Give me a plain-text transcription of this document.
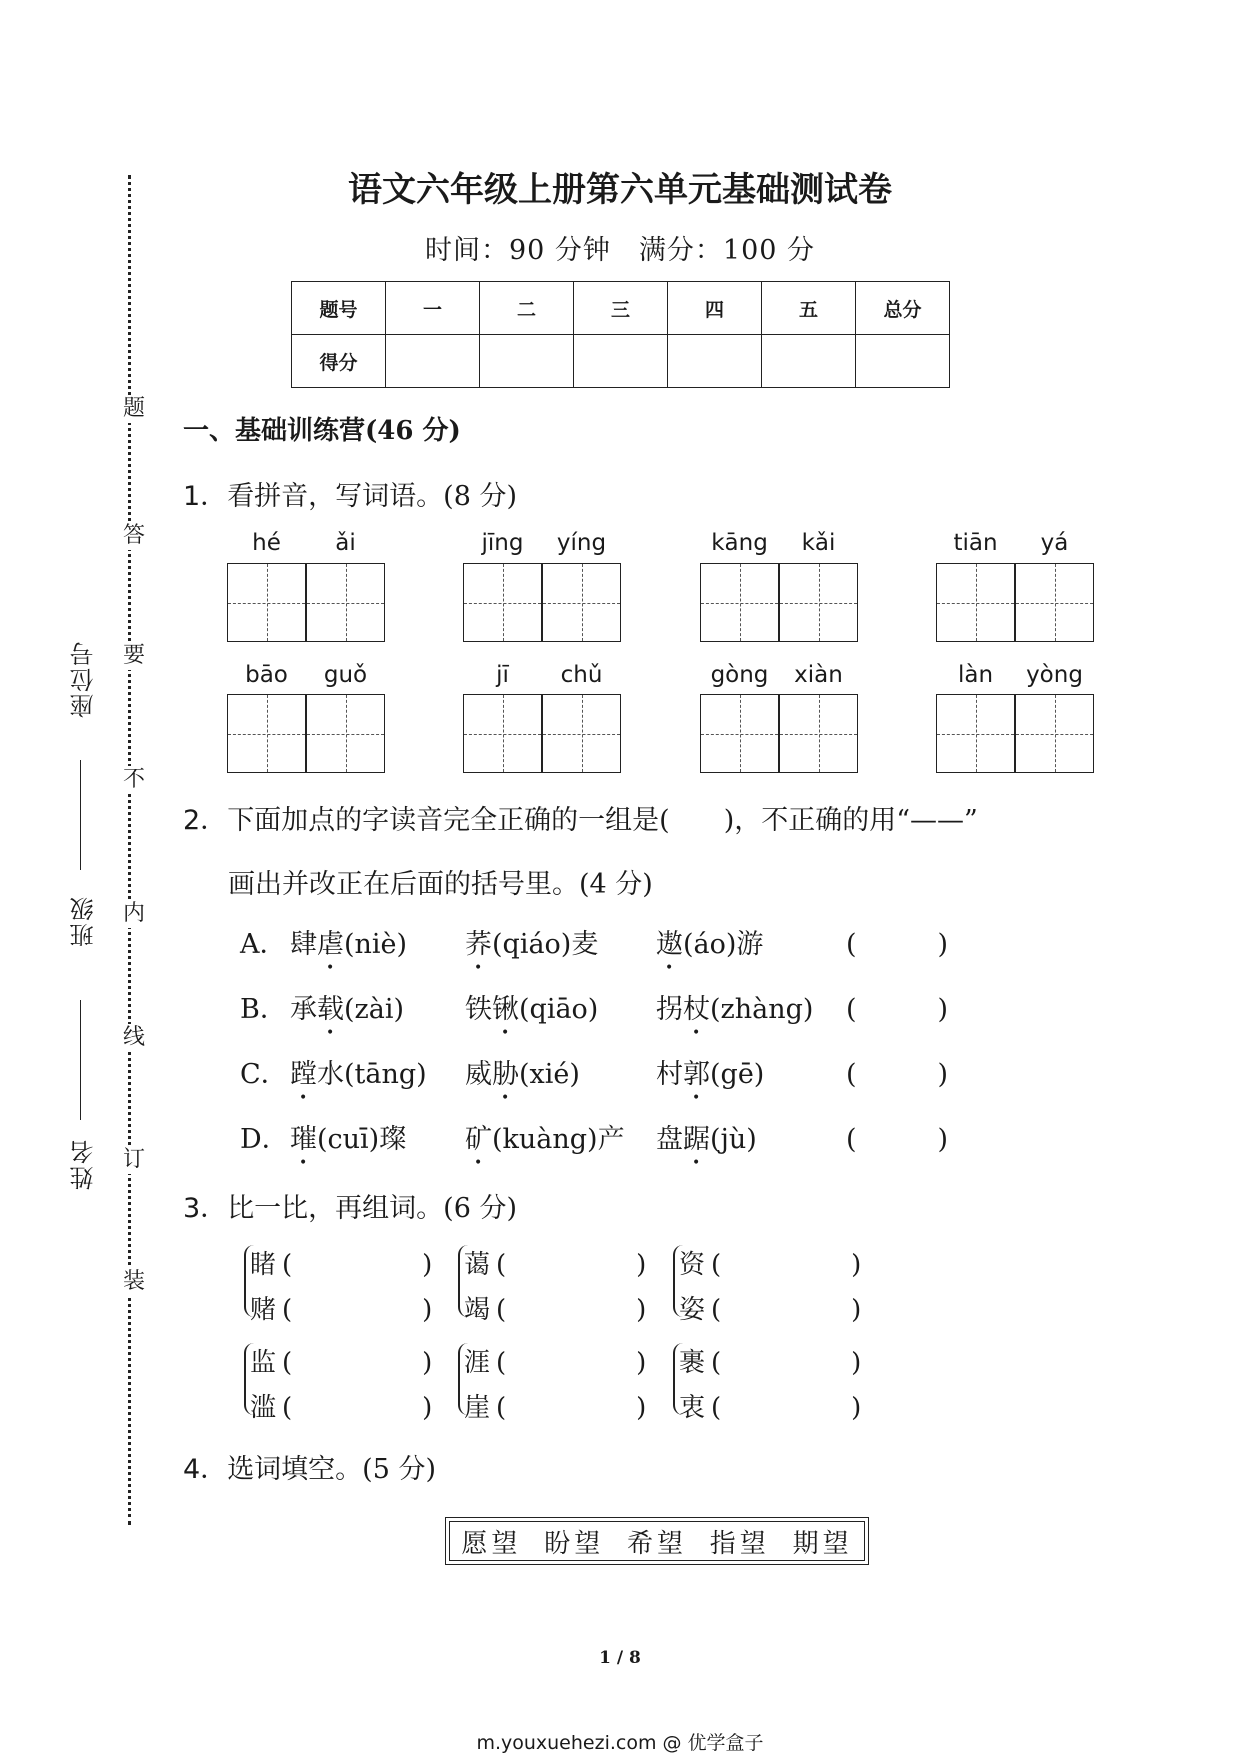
题
答
要
不
内
线
订
装
座位号
班级
姓名
语文六年级上册第六单元基础测试卷
时间：90 分钟　满分：100 分
题号	一	二	三	四	五	总分
得分						
一、基础训练营(46 分)
1．看拼音，写词语。(8 分)
hé	ǎi	jīng	yíng	kāng	kǎi	tiān	yá
bāo	guǒ	jī	chǔ	gòng	xiàn	làn	yòng
2．下面加点的字读音完全正确的一组是(　　)，不正确的用“——”
画出并改正在后面的括号里。(4 分)
A． 肆虐(niè) 荞(qiáo)麦 遨(áo)游	(　　　)
B． 承载(zài) 铁锹(qiāo) 拐杖(zhàng) (　　　)
C． 蹚水(tāng) 威胁(xié)	村郭(gē)	(　　　)
D． 璀(cuī)璨 矿(kuàng)产 盘踞(jù)	(　　　)
3．比一比，再组词。(6 分)
睹 (　　　　　)
赌 (　　　　　)
蔼 (　　　　　)
竭 (　　　　　)
资 (　　　　　)
姿 (　　　　　)
监 (　　　　　)
滥 (　　　　　)
涯 (　　　　　)
崖 (　　　　　)
裹 (　　　　　)
衷 (　　　　　)
4．选词填空。(5 分)
愿望 盼望 希望 指望 期望
1 / 8
m.youxuehezi.com @ 优学盒子
